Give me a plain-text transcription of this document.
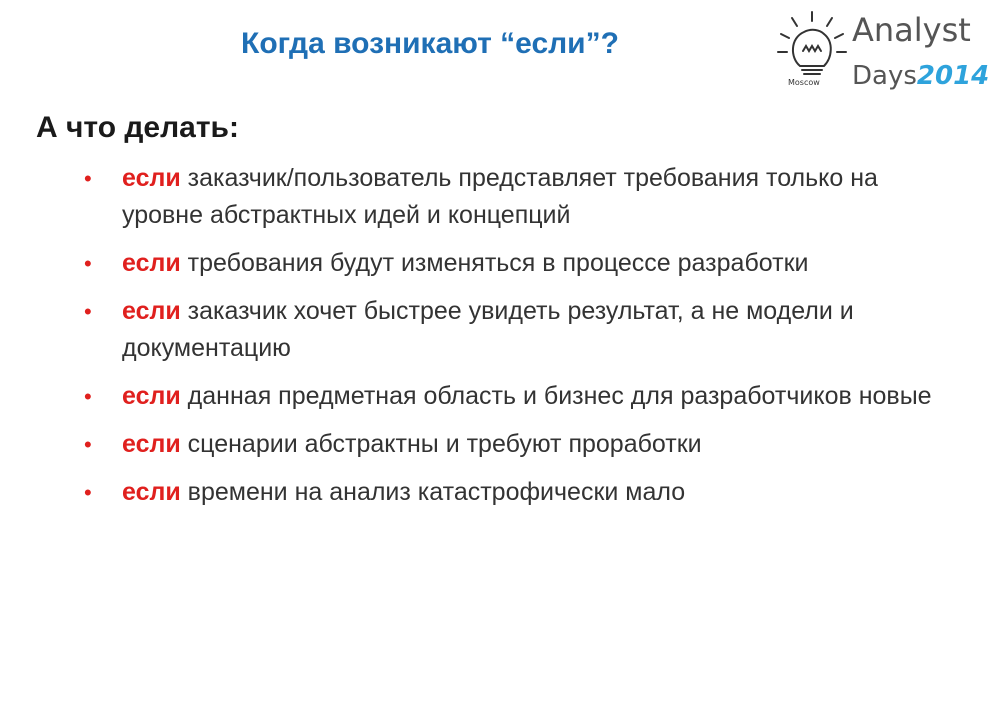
Когда возникают “если”?
Moscow
Analyst
Days2014
А что делать:
• если заказчик/пользователь представляет требования только на уровне абстрактных идей и концепций
• если требования будут изменяться в процессе разработки
• если заказчик хочет быстрее увидеть результат, а не модели и документацию
• если данная предметная область и бизнес для разработчиков новые
• если сценарии абстрактны и требуют проработки
• если времени на анализ катастрофически мало
